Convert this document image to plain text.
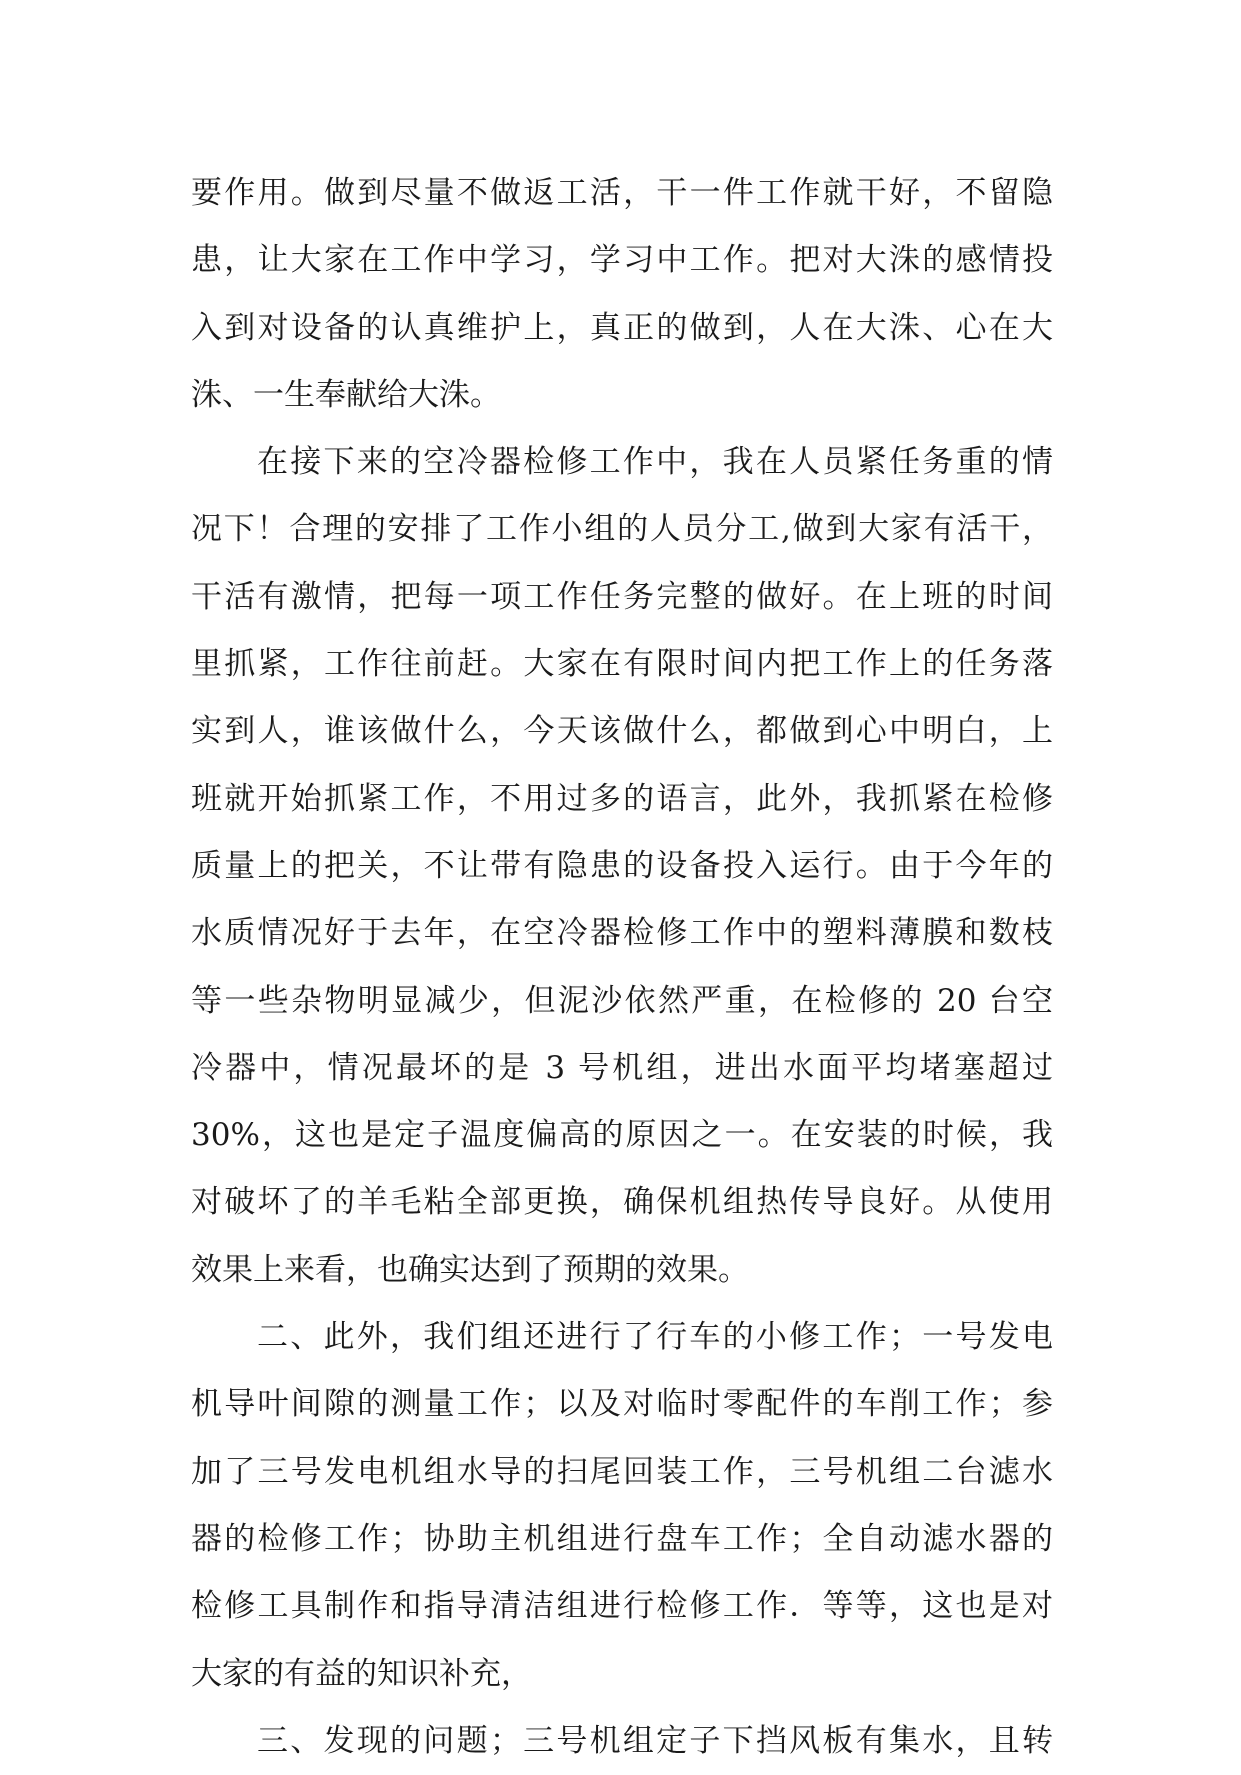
要作用。做到尽量不做返工活，干一件工作就干好，不留隐
患，让大家在工作中学习，学习中工作。把对大洙的感情投
入到对设备的认真维护上，真正的做到，人在大洙、心在大
洙、一生奉献给大洙。
在接下来的空冷器检修工作中，我在人员紧任务重的情
况下！合理的安排了工作小组的人员分工,做到大家有活干，
干活有激情，把每一项工作任务完整的做好。在上班的时间
里抓紧，工作往前赶。大家在有限时间内把工作上的任务落
实到人，谁该做什么，今天该做什么，都做到心中明白，上
班就开始抓紧工作，不用过多的语言，此外，我抓紧在检修
质量上的把关，不让带有隐患的设备投入运行。由于今年的
水质情况好于去年，在空冷器检修工作中的塑料薄膜和数枝
等一些杂物明显减少，但泥沙依然严重，在检修的 20 台空
冷器中，情况最坏的是 3 号机组，进出水面平均堵塞超过
30%，这也是定子温度偏高的原因之一。在安装的时候，我
对破坏了的羊毛粘全部更换，确保机组热传导良好。从使用
效果上来看，也确实达到了预期的效果。
二、此外，我们组还进行了行车的小修工作；一号发电
机导叶间隙的测量工作；以及对临时零配件的车削工作；参
加了三号发电机组水导的扫尾回装工作，三号机组二台滤水
器的检修工作；协助主机组进行盘车工作；全自动滤水器的
检修工具制作和指导清洁组进行检修工作．等等，这也是对
大家的有益的知识补充，
三、发现的问题；三号机组定子下挡风板有集水，且转
